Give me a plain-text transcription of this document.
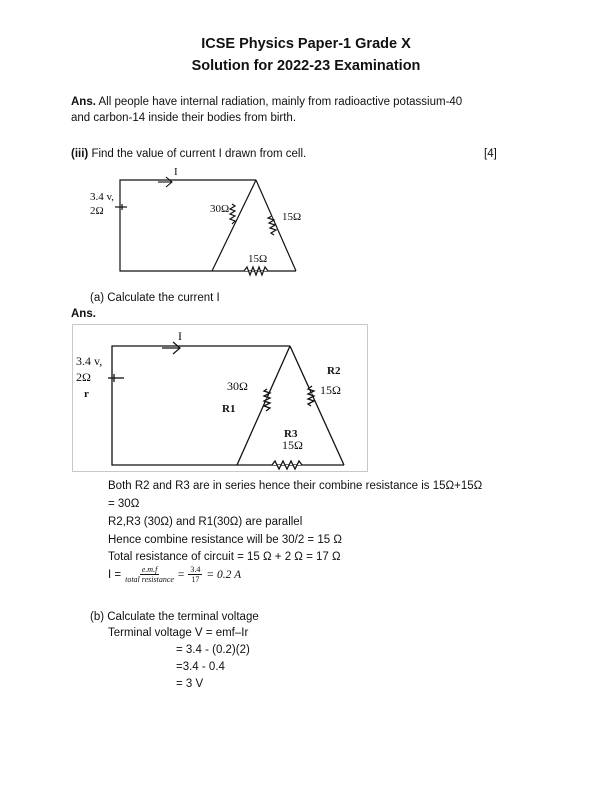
ICSE Physics Paper-1 Grade X
Solution for 2022-23 Examination
Ans. All people have internal radiation, mainly from radioactive potassium-40
and carbon-14 inside their bodies from birth.
(iii) Find the value of current I drawn from cell.	[4]
3.4 v,
2Ω
I
30Ω
15Ω
15Ω
(a) Calculate the current I
Ans.
3.4 v,
2Ω
r
I
30Ω
R1
R2
15Ω
R3
15Ω
Both R2 and R3 are in series hence their combine resistance is 15Ω+15Ω
= 30Ω
R2,R3 (30Ω) and R1(30Ω) are parallel
Hence combine resistance will be 30/2 = 15 Ω
Total resistance of circuit = 15 Ω + 2 Ω = 17 Ω
$I = \frac{e.m.f}{\text{total resistance}} = \frac{3.4}{17} = 0.2$ A
(b) Calculate the terminal voltage
Terminal voltage V = emf–Ir
= 3.4 - (0.2)(2)
=3.4 - 0.4
= 3 V
